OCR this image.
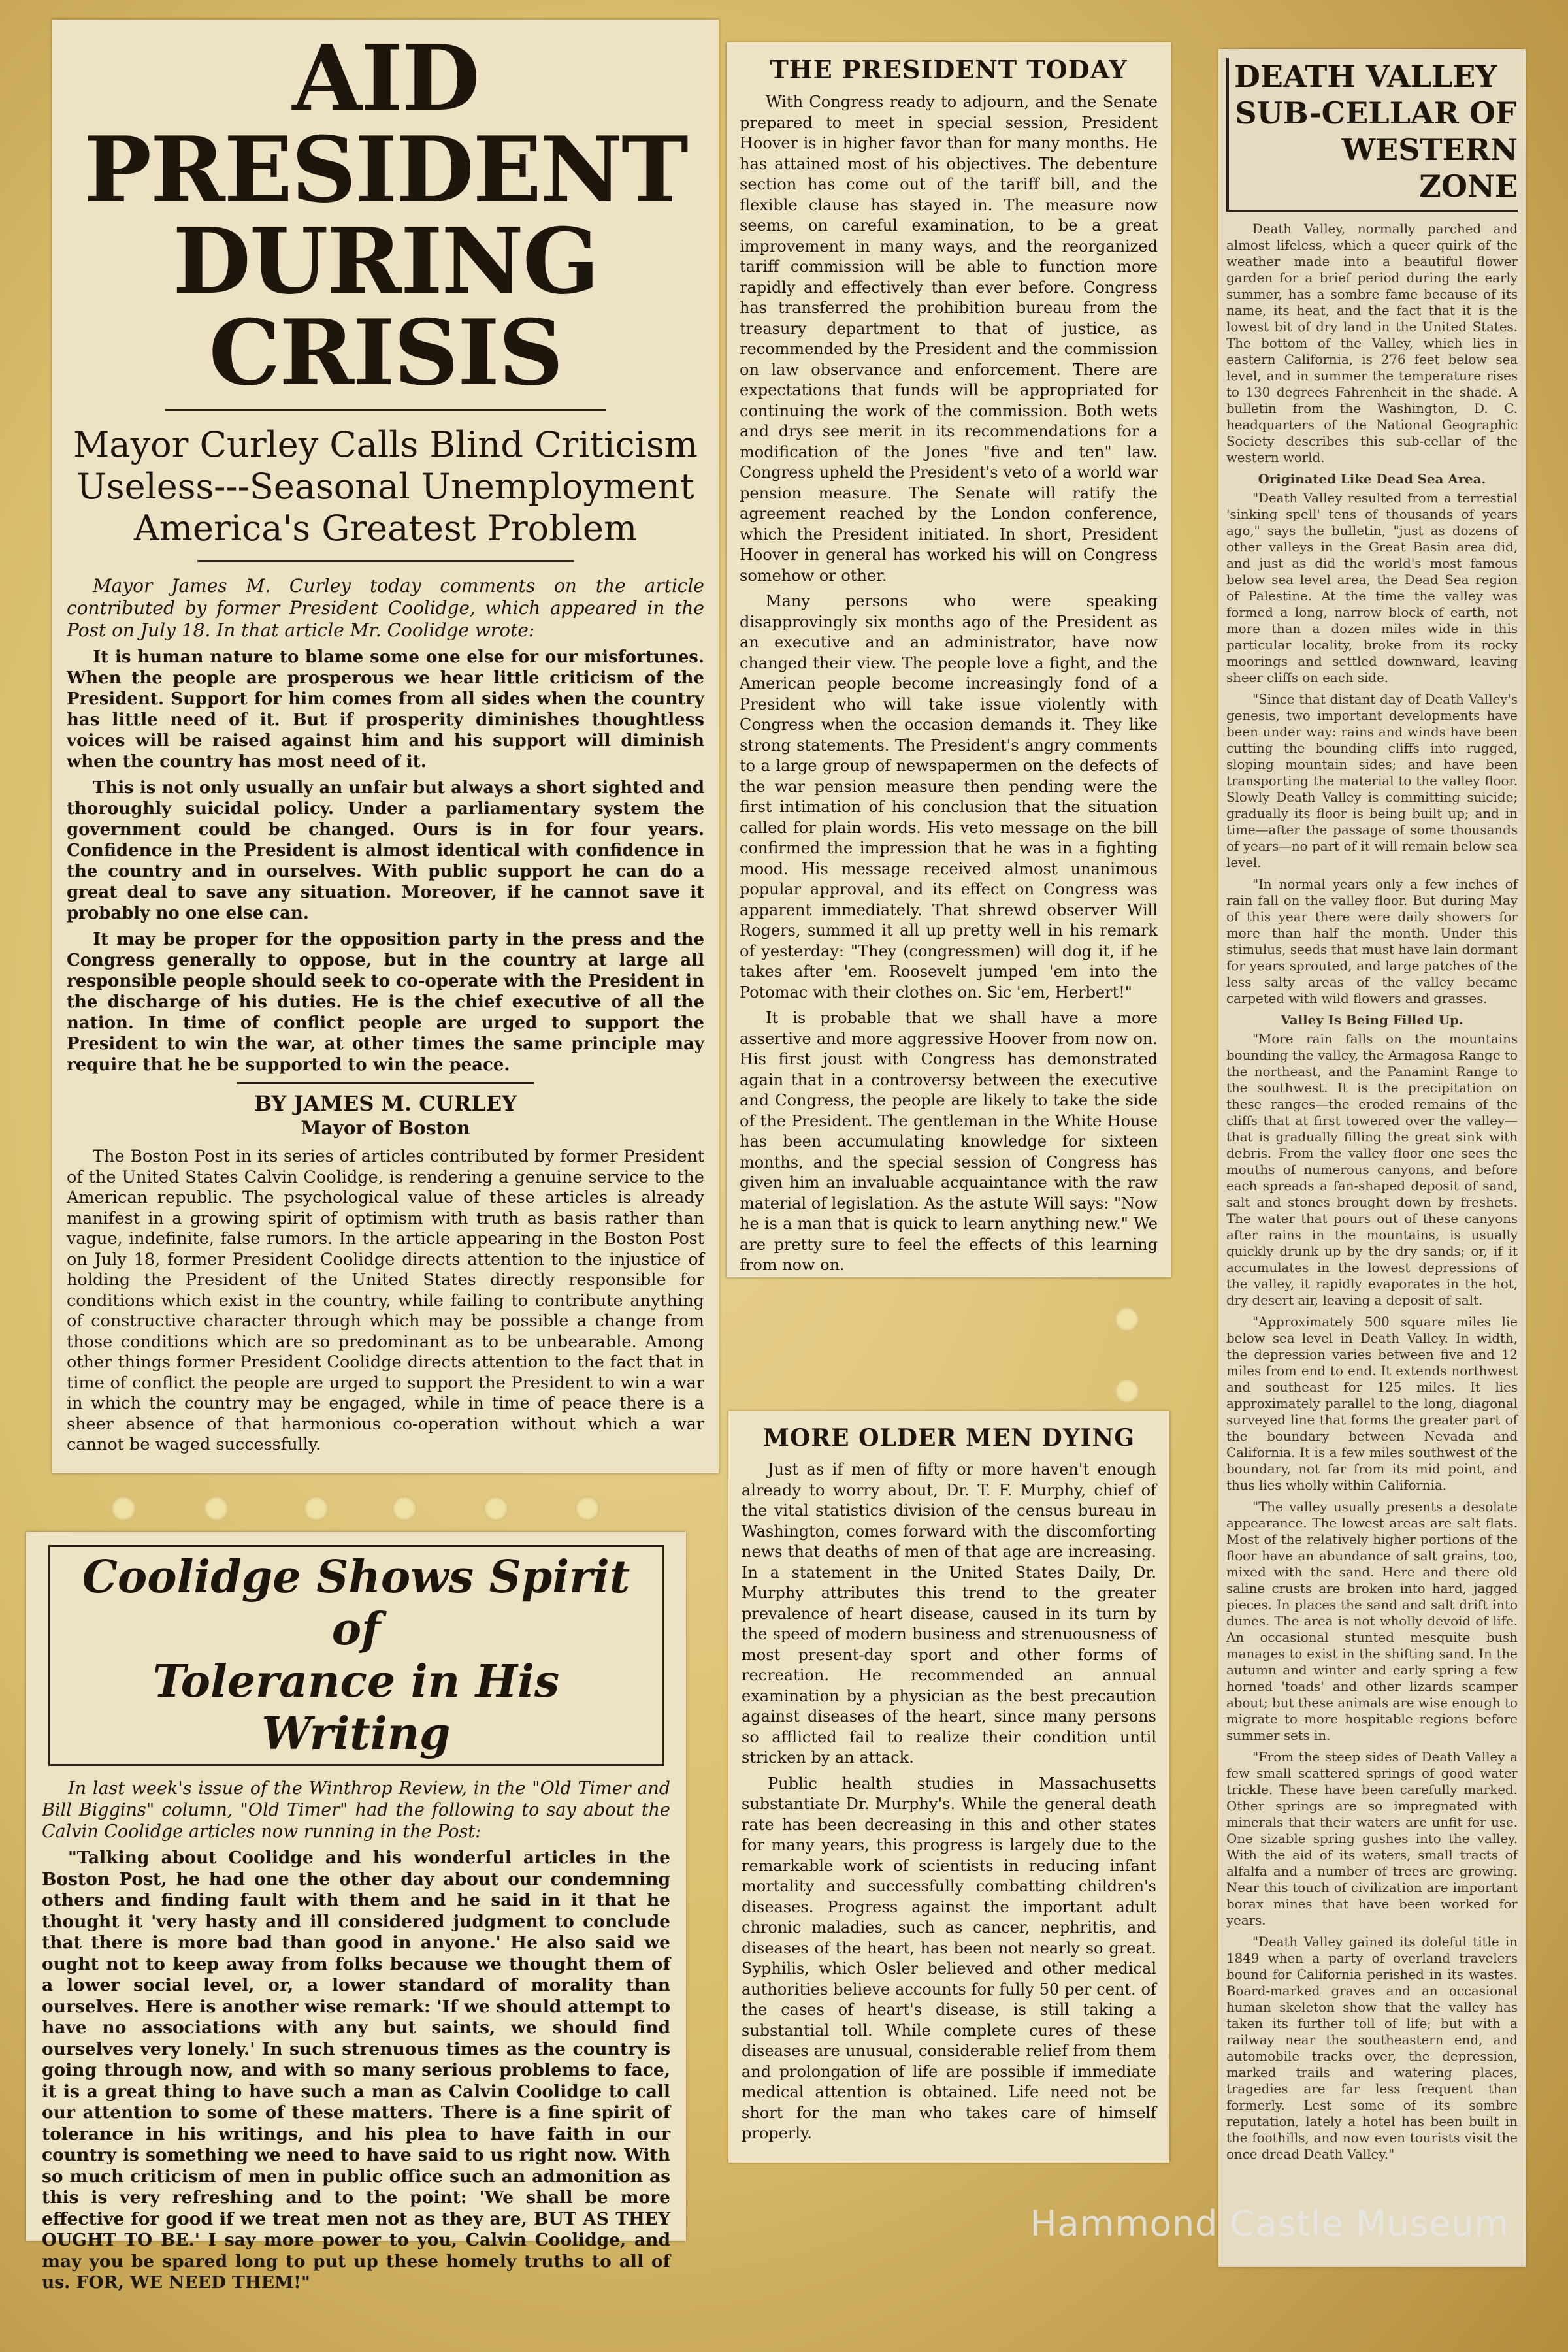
AID PRESIDENT
DURING CRISIS
Mayor Curley Calls Blind Criticism Useless---Seasonal Unemployment America's Greatest Problem

Mayor James M. Curley today comments on the article contributed by former President Coolidge, which appeared in the Post on July 18. In that article Mr. Coolidge wrote:

It is human nature to blame some one else for our misfortunes. When the people are prosperous we hear little criticism of the President. Support for him comes from all sides when the country has little need of it. But if prosperity diminishes thoughtless voices will be raised against him and his support will diminish when the country has most need of it.

This is not only usually an unfair but always a short sighted and thoroughly suicidal policy. Under a parliamentary system the government could be changed. Ours is in for four years. Confidence in the President is almost identical with confidence in the country and in ourselves. With public support he can do a great deal to save any situation. Moreover, if he cannot save it probably no one else can.

It may be proper for the opposition party in the press and the Congress generally to oppose, but in the country at large all responsible people should seek to co-operate with the President in the discharge of his duties. He is the chief executive of all the nation. In time of conflict people are urged to support the President to win the war, at other times the same principle may require that he be supported to win the peace.

BY JAMES M. CURLEY
Mayor of Boston

The Boston Post in its series of articles contributed by former President of the United States Calvin Coolidge, is rendering a genuine service to the American republic. The psychological value of these articles is already manifest in a growing spirit of optimism with truth as basis rather than vague, indefinite, false rumors. In the article appearing in the Boston Post on July 18, former President Coolidge directs attention to the injustice of holding the President of the United States directly responsible for conditions which exist in the country, while failing to contribute anything of constructive character through which may be possible a change from those conditions which are so predominant as to be unbearable. Among other things former President Coolidge directs attention to the fact that in time of conflict the people are urged to support the President to win a war in which the country may be engaged, while in time of peace there is a sheer absence of that harmonious co-operation without which a war cannot be waged successfully.

Coolidge Shows Spirit of
Tolerance in His Writing

In last week's issue of the Winthrop Review, in the "Old Timer and Bill Biggins" column, "Old Timer" had the following to say about the Calvin Coolidge articles now running in the Post:

"Talking about Coolidge and his wonderful articles in the Boston Post, he had one the other day about our condemning others and finding fault with them and he said in it that he thought it 'very hasty and ill considered judgment to conclude that there is more bad than good in anyone.' He also said we ought not to keep away from folks because we thought them of a lower social level, or, a lower standard of morality than ourselves. Here is another wise remark: 'If we should attempt to have no associations with any but saints, we should find ourselves very lonely.' In such strenuous times as the country is going through now, and with so many serious problems to face, it is a great thing to have such a man as Calvin Coolidge to call our attention to some of these matters. There is a fine spirit of tolerance in his writings, and his plea to have faith in our country is something we need to have said to us right now. With so much criticism of men in public office such an admonition as this is very refreshing and to the point: 'We shall be more effective for good if we treat men not as they are, BUT AS THEY OUGHT TO BE.' I say more power to you, Calvin Coolidge, and may you be spared long to put up these homely truths to all of us. FOR, WE NEED THEM!"

THE PRESIDENT TODAY

With Congress ready to adjourn, and the Senate prepared to meet in special session, President Hoover is in higher favor than for many months. He has attained most of his objectives. The debenture section has come out of the tariff bill, and the flexible clause has stayed in. The measure now seems, on careful examination, to be a great improvement in many ways, and the reorganized tariff commission will be able to function more rapidly and effectively than ever before. Congress has transferred the prohibition bureau from the treasury department to that of justice, as recommended by the President and the commission on law observance and enforcement. There are expectations that funds will be appropriated for continuing the work of the commission. Both wets and drys see merit in its recommendations for a modification of the Jones "five and ten" law. Congress upheld the President's veto of a world war pension measure. The Senate will ratify the agreement reached by the London conference, which the President initiated. In short, President Hoover in general has worked his will on Congress somehow or other.

Many persons who were speaking disapprovingly six months ago of the President as an executive and an administrator, have now changed their view. The people love a fight, and the American people become increasingly fond of a President who will take issue violently with Congress when the occasion demands it. They like strong statements. The President's angry comments to a large group of newspapermen on the defects of the war pension measure then pending were the first intimation of his conclusion that the situation called for plain words. His veto message on the bill confirmed the impression that he was in a fighting mood. His message received almost unanimous popular approval, and its effect on Congress was apparent immediately. That shrewd observer Will Rogers, summed it all up pretty well in his remark of yesterday: "They (congressmen) will dog it, if he takes after 'em. Roosevelt jumped 'em into the Potomac with their clothes on. Sic 'em, Herbert!"

It is probable that we shall have a more assertive and more aggressive Hoover from now on. His first joust with Congress has demonstrated again that in a controversy between the executive and Congress, the people are likely to take the side of the President. The gentleman in the White House has been accumulating knowledge for sixteen months, and the special session of Congress has given him an invaluable acquaintance with the raw material of legislation. As the astute Will says: "Now he is a man that is quick to learn anything new." We are pretty sure to feel the effects of this learning from now on.

MORE OLDER MEN DYING

Just as if men of fifty or more haven't enough already to worry about, Dr. T. F. Murphy, chief of the vital statistics division of the census bureau in Washington, comes forward with the discomforting news that deaths of men of that age are increasing. In a statement in the United States Daily, Dr. Murphy attributes this trend to the greater prevalence of heart disease, caused in its turn by the speed of modern business and strenuousness of most present-day sport and other forms of recreation. He recommended an annual examination by a physician as the best precaution against diseases of the heart, since many persons so afflicted fail to realize their condition until stricken by an attack.

Public health studies in Massachusetts substantiate Dr. Murphy's. While the general death rate has been decreasing in this and other states for many years, this progress is largely due to the remarkable work of scientists in reducing infant mortality and successfully combatting children's diseases. Progress against the important adult chronic maladies, such as cancer, nephritis, and diseases of the heart, has been not nearly so great. Syphilis, which Osler believed and other medical authorities believe accounts for fully 50 per cent. of the cases of heart's disease, is still taking a substantial toll. While complete cures of these diseases are unusual, considerable relief from them and prolongation of life are possible if immediate medical attention is obtained. Life need not be short for the man who takes care of himself properly.

DEATH VALLEY
SUB-CELLAR OF
WESTERN ZONE

Death Valley, normally parched and almost lifeless, which a queer quirk of the weather made into a beautiful flower garden for a brief period during the early summer, has a sombre fame because of its name, its heat, and the fact that it is the lowest bit of dry land in the United States. The bottom of the Valley, which lies in eastern California, is 276 feet below sea level, and in summer the temperature rises to 130 degrees Fahrenheit in the shade. A bulletin from the Washington, D. C. headquarters of the National Geographic Society describes this sub-cellar of the western world.

Originated Like Dead Sea Area.

"Death Valley resulted from a terrestial 'sinking spell' tens of thousands of years ago," says the bulletin, "just as dozens of other valleys in the Great Basin area did, and just as did the world's most famous below sea level area, the Dead Sea region of Palestine. At the time the valley was formed a long, narrow block of earth, not more than a dozen miles wide in this particular locality, broke from its rocky moorings and settled downward, leaving sheer cliffs on each side.

"Since that distant day of Death Valley's genesis, two important developments have been under way: rains and winds have been cutting the bounding cliffs into rugged, sloping mountain sides; and have been transporting the material to the valley floor. Slowly Death Valley is committing suicide; gradually its floor is being built up; and in time—after the passage of some thousands of years—no part of it will remain below sea level.

"In normal years only a few inches of rain fall on the valley floor. But during May of this year there were daily showers for more than half the month. Under this stimulus, seeds that must have lain dormant for years sprouted, and large patches of the less salty areas of the valley became carpeted with wild flowers and grasses.

Valley Is Being Filled Up.

"More rain falls on the mountains bounding the valley, the Armagosa Range to the northeast, and the Panamint Range to the southwest. It is the precipitation on these ranges—the eroded remains of the cliffs that at first towered over the valley—that is gradually filling the great sink with debris. From the valley floor one sees the mouths of numerous canyons, and before each spreads a fan-shaped deposit of sand, salt and stones brought down by freshets. The water that pours out of these canyons after rains in the mountains, is usually quickly drunk up by the dry sands; or, if it accumulates in the lowest depressions of the valley, it rapidly evaporates in the hot, dry desert air, leaving a deposit of salt.

"Approximately 500 square miles lie below sea level in Death Valley. In width, the depression varies between five and 12 miles from end to end. It extends northwest and southeast for 125 miles. It lies approximately parallel to the long, diagonal surveyed line that forms the greater part of the boundary between Nevada and California. It is a few miles southwest of the boundary, not far from its mid point, and thus lies wholly within California.

"The valley usually presents a desolate appearance. The lowest areas are salt flats. Most of the relatively higher portions of the floor have an abundance of salt grains, too, mixed with the sand. Here and there old saline crusts are broken into hard, jagged pieces. In places the sand and salt drift into dunes. The area is not wholly devoid of life. An occasional stunted mesquite bush manages to exist in the shifting sand. In the autumn and winter and early spring a few horned 'toads' and other lizards scamper about; but these animals are wise enough to migrate to more hospitable regions before summer sets in.

"From the steep sides of Death Valley a few small scattered springs of good water trickle. These have been carefully marked. Other springs are so impregnated with minerals that their waters are unfit for use. One sizable spring gushes into the valley. With the aid of its waters, small tracts of alfalfa and a number of trees are growing. Near this touch of civilization are important borax mines that have been worked for years.

"Death Valley gained its doleful title in 1849 when a party of overland travelers bound for California perished in its wastes. Board-marked graves and an occasional human skeleton show that the valley has taken its further toll of life; but with a railway near the southeastern end, and automobile tracks over, the depression, marked trails and watering places, tragedies are far less frequent than formerly. Lest some of its sombre reputation, lately a hotel has been built in the foothills, and now even tourists visit the once dread Death Valley."

Hammond Castle Museum
